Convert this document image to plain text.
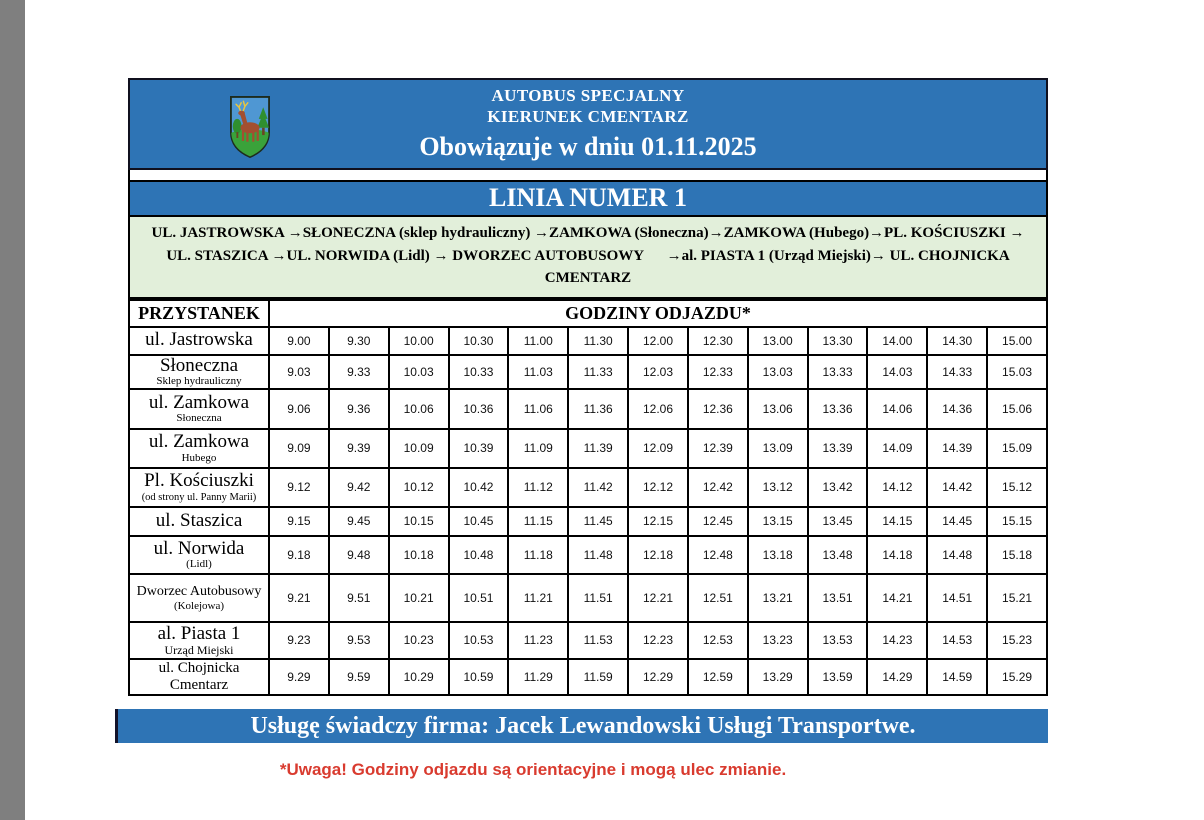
AUTOBUS SPECJALNY
KIERUNEK CMENTARZ
Obowiązuje w dniu 01.11.2025
LINIA NUMER 1
UL. JASTROWSKA →SŁONECZNA (sklep hydrauliczny) →ZAMKOWA (Słoneczna)→ZAMKOWA (Hubego)→PL. KOŚCIUSZKI → UL. STASZICA →UL. NORWIDA (Lidl) → DWORZEC AUTOBUSOWY      →al. PIASTA 1 (Urząd Miejski)→ UL. CHOJNICKA CMENTARZ
PRZYSTANEK	GODZINY ODJAZDU*												

ul. Jastrowska	9.00	9.30	10.00	10.30	11.00	11.30	12.00	12.30	13.00	13.30	14.00	14.30	15.00

Słoneczna
Sklep hydrauliczny	9.03	9.33	10.03	10.33	11.03	11.33	12.03	12.33	13.03	13.33	14.03	14.33	15.03

ul. Zamkowa
Słoneczna	9.06	9.36	10.06	10.36	11.06	11.36	12.06	12.36	13.06	13.36	14.06	14.36	15.06

ul. Zamkowa
Hubego	9.09	9.39	10.09	10.39	11.09	11.39	12.09	12.39	13.09	13.39	14.09	14.39	15.09

Pl. Kościuszki
(od strony ul. Panny Marii)	9.12	9.42	10.12	10.42	11.12	11.42	12.12	12.42	13.12	13.42	14.12	14.42	15.12

ul. Staszica	9.15	9.45	10.15	10.45	11.15	11.45	12.15	12.45	13.15	13.45	14.15	14.45	15.15

ul. Norwida
(Lidl)	9.18	9.48	10.18	10.48	11.18	11.48	12.18	12.48	13.18	13.48	14.18	14.48	15.18

Dworzec Autobusowy
(Kolejowa)	9.21	9.51	10.21	10.51	11.21	11.51	12.21	12.51	13.21	13.51	14.21	14.51	15.21

al. Piasta 1
Urząd Miejski	9.23	9.53	10.23	10.53	11.23	11.53	12.23	12.53	13.23	13.53	14.23	14.53	15.23

ul. Chojnicka
Cmentarz	9.29	9.59	10.29	10.59	11.29	11.59	12.29	12.59	13.29	13.59	14.29	14.59	15.29
Usługę świadczy firma: Jacek Lewandowski Usługi Transportwe.
*Uwaga! Godziny odjazdu są orientacyjne i mogą ulec zmianie.
